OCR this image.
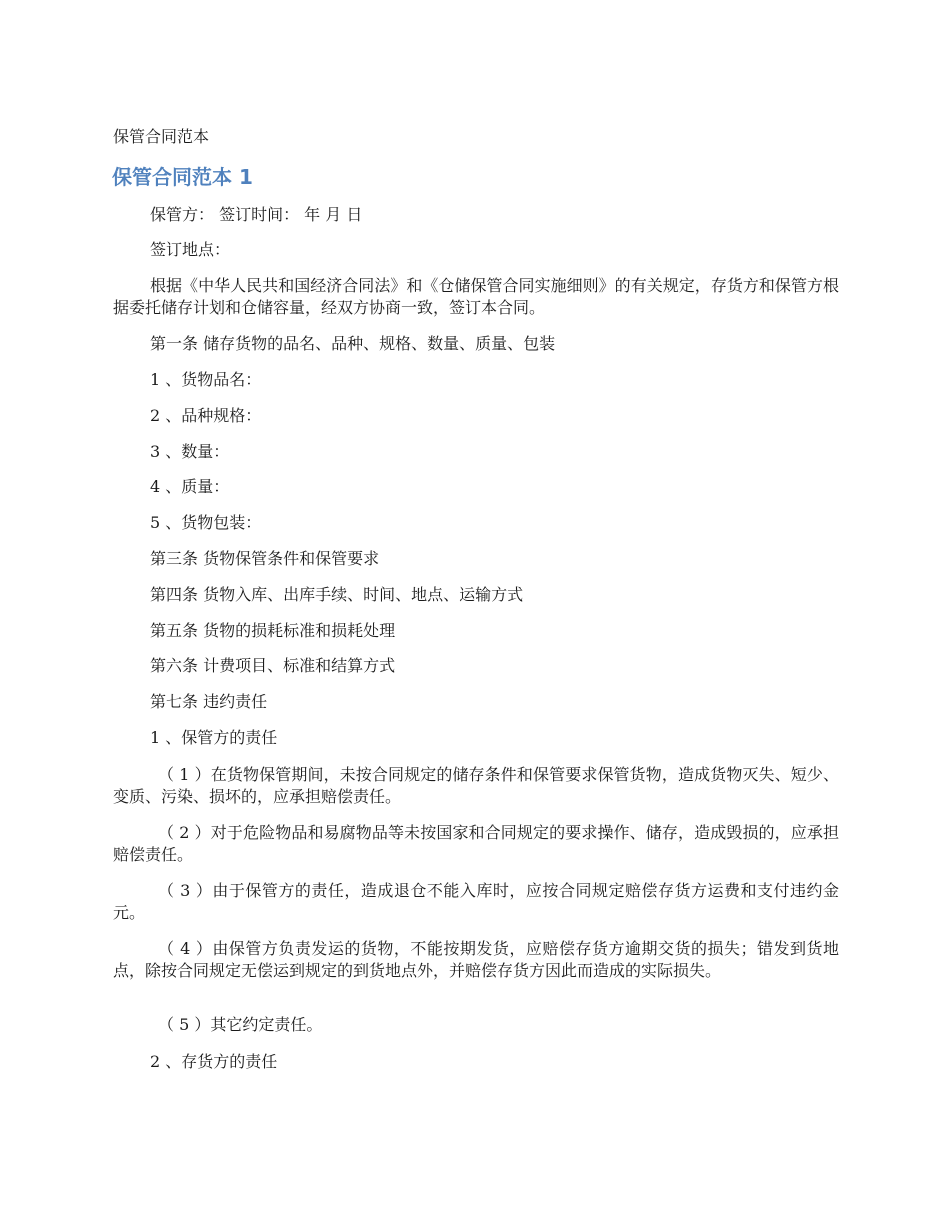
保管合同范本
保管合同范本 1

保管方： 签订时间： 年 月 日

签订地点：

根据《中华人民共和国经济合同法》和《仓储保管合同实施细则》的有关规定，存货方和保管方根据委托储存计划和仓储容量，经双方协商一致，签订本合同。

第一条 储存货物的品名、品种、规格、数量、质量、包装

1 、货物品名：

2 、品种规格：

3 、数量：

4 、质量：

5 、货物包装：

第三条 货物保管条件和保管要求

第四条 货物入库、出库手续、时间、地点、运输方式

第五条 货物的损耗标准和损耗处理

第六条 计费项目、标准和结算方式

第七条 违约责任

1 、保管方的责任

（ 1 ）在货物保管期间，未按合同规定的储存条件和保管要求保管货物，造成货物灭失、短少、变质、污染、损坏的，应承担赔偿责任。

（ 2 ）对于危险物品和易腐物品等未按国家和合同规定的要求操作、储存，造成毁损的，应承担赔偿责任。

（ 3 ）由于保管方的责任，造成退仓不能入库时，应按合同规定赔偿存货方运费和支付违约金 元。

（ 4 ）由保管方负责发运的货物，不能按期发货，应赔偿存货方逾期交货的损失；错发到货地点，除按合同规定无偿运到规定的到货地点外，并赔偿存货方因此而造成的实际损失。

（ 5 ）其它约定责任。

2 、存货方的责任
